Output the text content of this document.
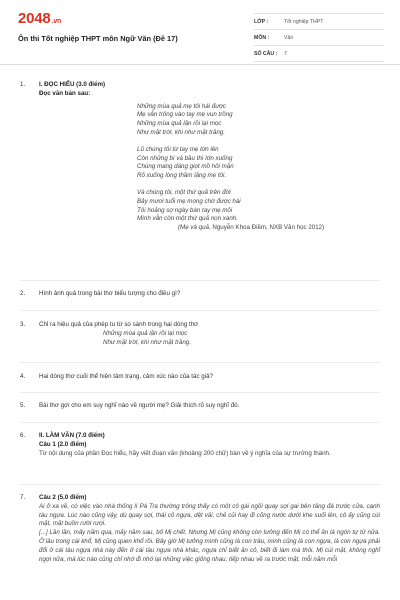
2048.vn
Ôn thi Tốt nghiệp THPT môn Ngữ Văn (Đề 17)
LỚP :	Tốt nghiệp THPT
MÔN :	Văn
SỐ CÂU :	7
1. I. ĐỌC HIỂU (3.0 điểm)
Đọc văn bản sau:
Những mùa quả mẹ tôi hái được
Mẹ vẫn trông vào tay mẹ vun trồng
Những mùa quả lặn rồi lại mọc
Như mặt trời, khi như mặt trăng.
Lũ chúng tôi từ tay mẹ lớn lên
Còn những bí và bầu thì lớn xuống
Chúng mang dáng giọt mồ hôi mặn
Rỏ xuống lòng thầm lặng mẹ tôi.
Và chúng tôi, một thứ quả trên đời
Bảy mươi tuổi mẹ mong chờ được hái
Tôi hoảng sợ ngày bàn tay mẹ mỏi
Mình vẫn còn một thứ quả non xanh.
(Mẹ và quả, Nguyễn Khoa Điềm, NXB Văn học 2012)
2. Hình ảnh quả trong bài thơ biểu tượng cho điều gì?
3. Chỉ ra hiệu quả của phép tu từ so sánh trong hai dòng thơ
Những mùa quả lặn rồi lại mọc
Như mặt trời, khi như mặt trăng.
4. Hai dòng thơ cuối thể hiện tâm trạng, cảm xúc nào của tác giả?
5. Bài thơ gợi cho em suy nghĩ nào về người mẹ? Giải thích rõ suy nghĩ đó.
6. II. LÀM VĂN (7.0 điểm)
Câu 1 (2.0 điểm)
Từ nội dung của phần Đọc hiểu, hãy viết đoạn văn (khoảng 200 chữ) bàn về ý nghĩa của sự trưởng thành.
7. Câu 2 (5.0 điểm)
Ai ở xa về, có việc vào nhà thống lí Pá Tra thường trông thấy có một cô gái ngồi quay sợi gai bên tảng đá trước cửa, cạnh tàu ngựa. Lúc nào cũng vậy, dù quay sợi, thái cỏ ngựa, dệt vải, chẻ củi hay đi cõng nước dưới khe suối lên, cô ấy cũng cúi mặt, mặt buồn rười rượi.
[...] Lần lần, mấy năm qua, mấy năm sau, bố Mị chết. Nhưng Mị cũng không còn tưởng đến Mị có thể ăn lá ngón tự tử nữa. Ở lâu trong cái khổ, Mị cũng quen khổ rồi. Bây giờ Mị tưởng mình cũng là con trâu, mình cũng là con ngựa, là con ngựa phải đổi ở cái tàu ngựa nhà này đến ở cái tàu ngựa nhà khác, ngựa chỉ biết ăn cỏ, biết đi làm mà thôi. Mị cúi mặt, không nghĩ ngợi nữa, mà lúc nào cũng chỉ nhớ đi nhớ lại những việc giống nhau, tiếp nhau vẽ ra trước mặt, mỗi năm mỗi
